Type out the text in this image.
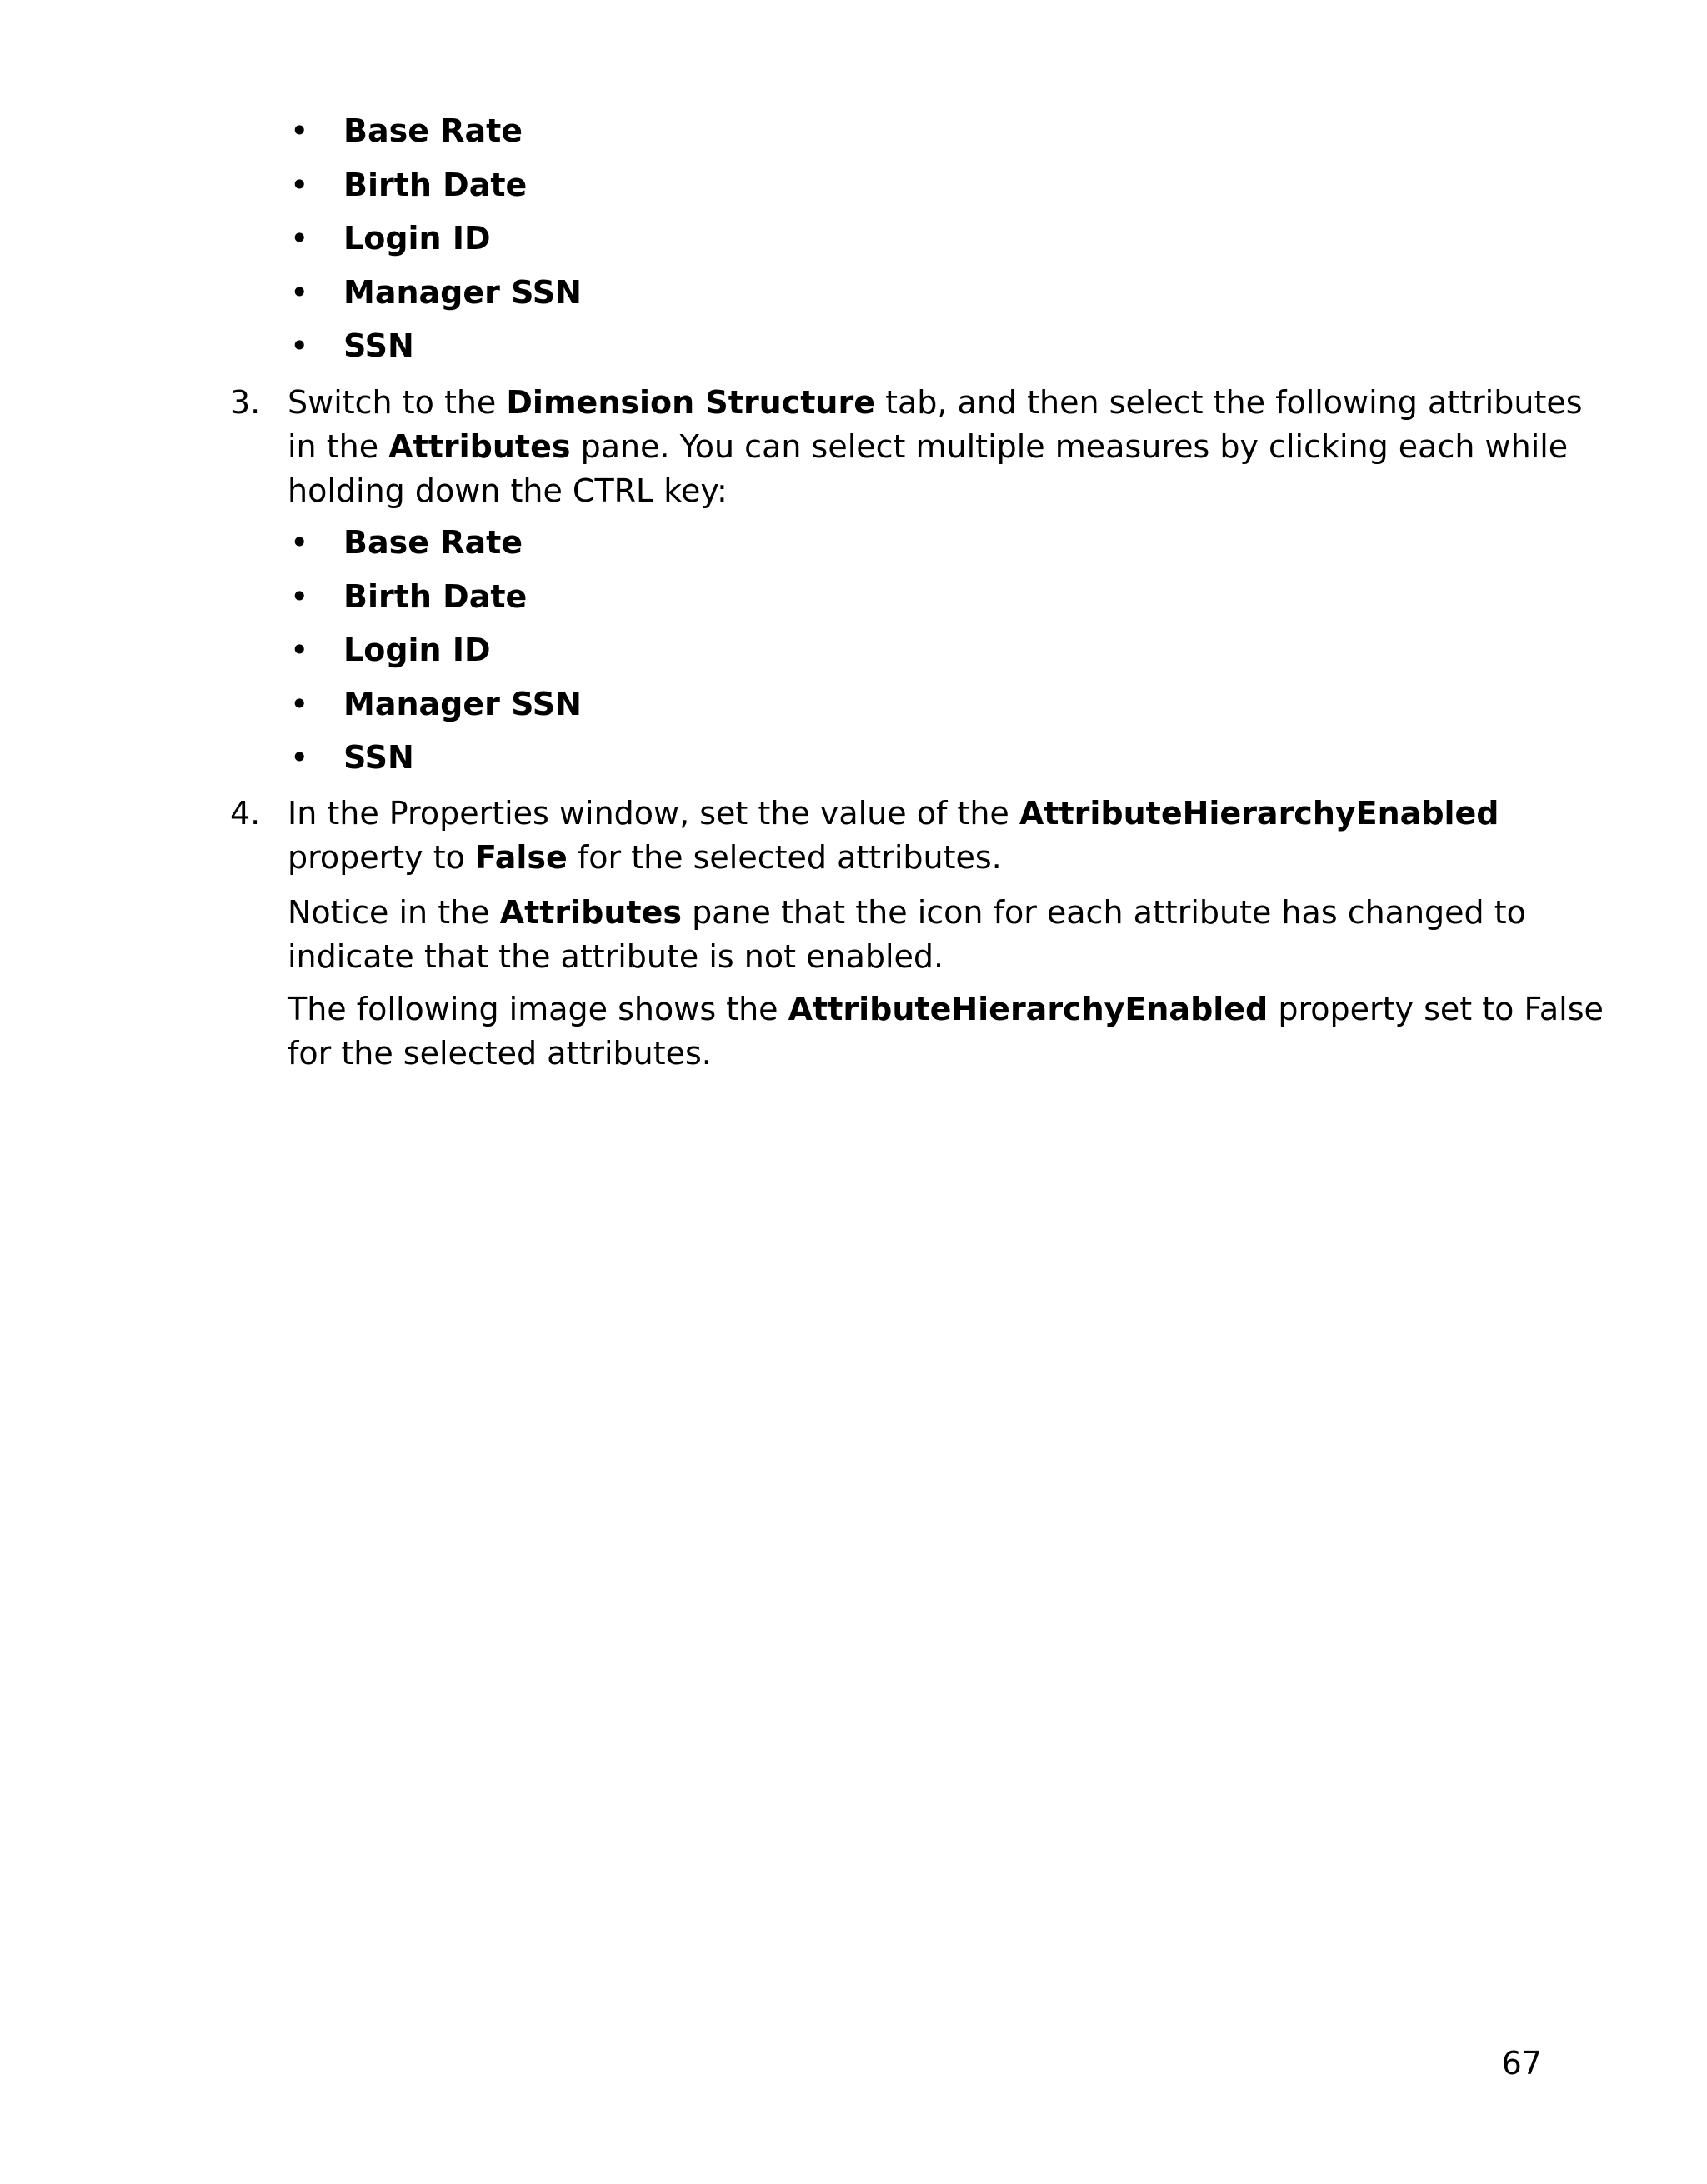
•	Base Rate
•	Birth Date
•	Login ID
•	Manager SSN
•	SSN
3. Switch to the Dimension Structure tab, and then select the following attributes
in the Attributes pane. You can select multiple measures by clicking each while
holding down the CTRL key:
•	Base Rate
•	Birth Date
•	Login ID
•	Manager SSN
•	SSN
4. In the Properties window, set the value of the AttributeHierarchyEnabled
property to False for the selected attributes.
Notice in the Attributes pane that the icon for each attribute has changed to
indicate that the attribute is not enabled.
The following image shows the AttributeHierarchyEnabled property set to False
for the selected attributes.
67
